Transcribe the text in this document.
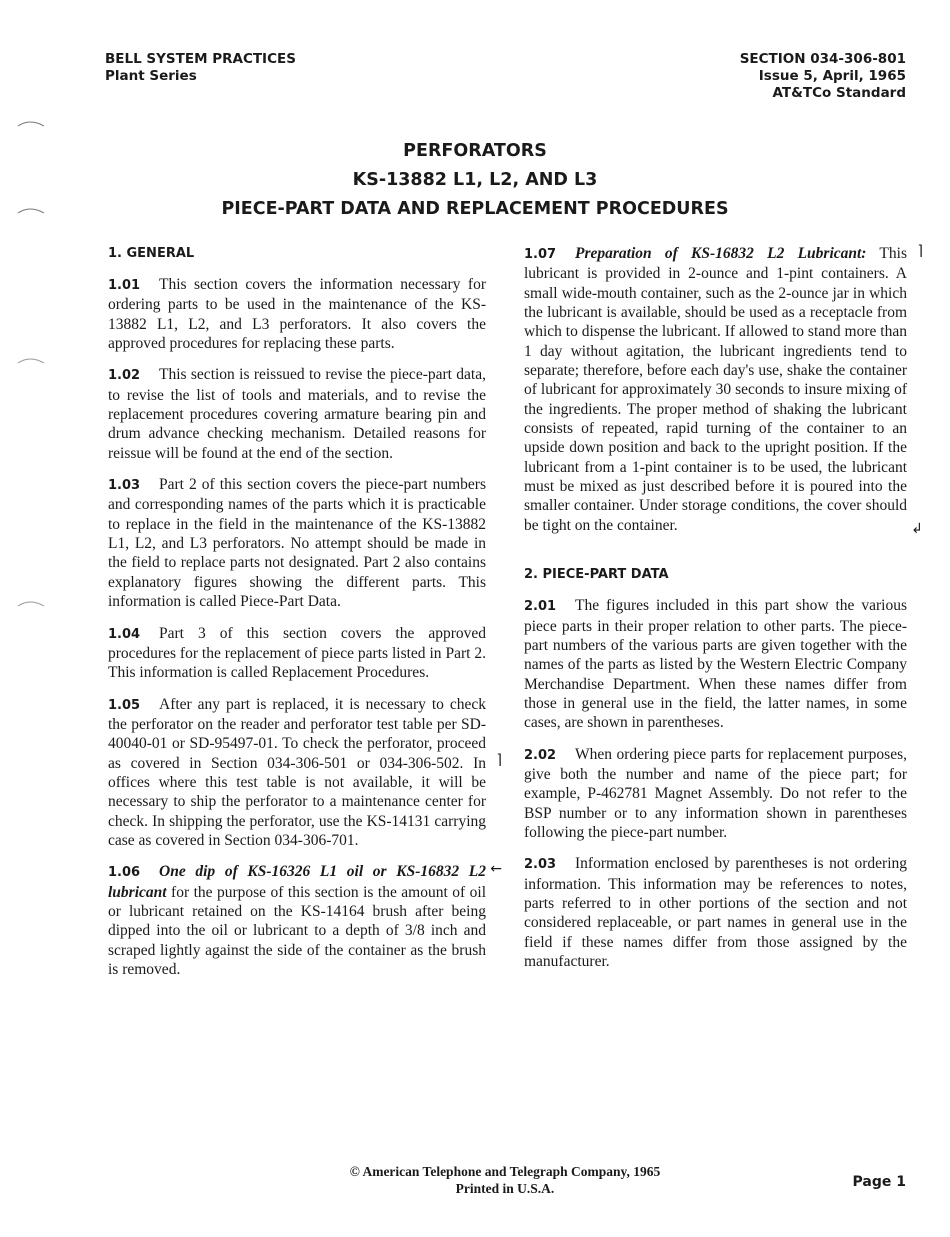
BELL SYSTEM PRACTICES
Plant Series
SECTION 034-306-801
Issue 5, April, 1965
AT&TCo Standard
PERFORATORS
KS-13882 L1, L2, AND L3
PIECE-PART DATA AND REPLACEMENT PROCEDURES
1. GENERAL
1.01 This section covers the information necessary for ordering parts to be used in the maintenance of the KS-13882 L1, L2, and L3 perforators. It also covers the approved procedures for replacing these parts.
1.02 This section is reissued to revise the piece-part data, to revise the list of tools and materials, and to revise the replacement procedures covering armature bearing pin and drum advance checking mechanism. Detailed reasons for reissue will be found at the end of the section.
1.03 Part 2 of this section covers the piece-part numbers and corresponding names of the parts which it is practicable to replace in the field in the maintenance of the KS-13882 L1, L2, and L3 perforators. No attempt should be made in the field to replace parts not designated. Part 2 also contains explanatory figures showing the different parts. This information is called Piece-Part Data.
1.04 Part 3 of this section covers the approved procedures for the replacement of piece parts listed in Part 2. This information is called Replacement Procedures.
1.05 After any part is replaced, it is necessary to check the perforator on the reader and perforator test table per SD-40040-01 or SD-95497-01. To check the perforator, proceed as covered in Section 034-306-501 or 034-306-502. In offices where this test table is not available, it will be necessary to ship the perforator to a maintenance center for check. In shipping the perforator, use the KS-14131 carrying case as covered in Section 034-306-701.
⌉
1.06 One dip of KS-16326 L1 oil or KS-16832 L2 lubricant for the purpose of this section is the amount of oil or lubricant retained on the KS-14164 brush after being dipped into the oil or lubricant to a depth of 3/8 inch and scraped lightly against the side of the container as the brush is removed.
←
1.07 Preparation of KS-16832 L2 Lubricant: This lubricant is provided in 2-ounce and 1-pint containers. A small wide-mouth container, such as the 2-ounce jar in which the lubricant is available, should be used as a receptacle from which to dispense the lubricant. If allowed to stand more than 1 day without agitation, the lubricant ingredients tend to separate; therefore, before each day's use, shake the container of lubricant for approximately 30 seconds to insure mixing of the ingredients. The proper method of shaking the lubricant consists of repeated, rapid turning of the container to an upside down position and back to the upright position. If the lubricant from a 1-pint container is to be used, the lubricant must be mixed as just described before it is poured into the smaller container. Under storage conditions, the cover should be tight on the container.
⌉
↲
2. PIECE-PART DATA
2.01 The figures included in this part show the various piece parts in their proper relation to other parts. The piece-part numbers of the various parts are given together with the names of the parts as listed by the Western Electric Company Merchandise Department. When these names differ from those in general use in the field, the latter names, in some cases, are shown in parentheses.
2.02 When ordering piece parts for replacement purposes, give both the number and name of the piece part; for example, P-462781 Magnet Assembly. Do not refer to the BSP number or to any information shown in parentheses following the piece-part number.
2.03 Information enclosed by parentheses is not ordering information. This information may be references to notes, parts referred to in other portions of the section and not considered replaceable, or part names in general use in the field if these names differ from those assigned by the manufacturer.
© American Telephone and Telegraph Company, 1965
Printed in U.S.A.	Page 1
